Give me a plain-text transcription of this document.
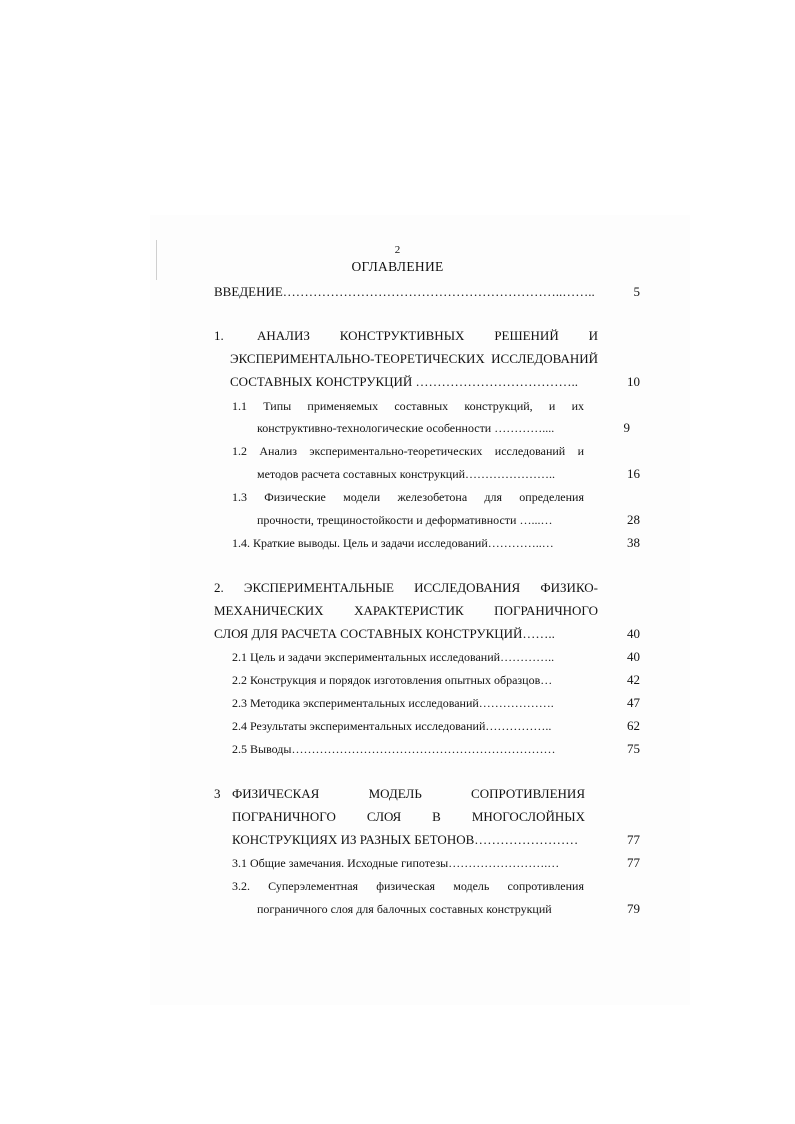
2
ОГЛАВЛЕНИЕ
ВВЕДЕНИЕ………………………………………………………..……..	5
1.	АНАЛИЗ КОНСТРУКТИВНЫХ РЕШЕНИЙ И
ЭКСПЕРИМЕНТАЛЬНО-ТЕОРЕТИЧЕСКИХ ИССЛЕДОВАНИЙ
СОСТАВНЫХ КОНСТРУКЦИЙ ………………………………..	10
1.1 Типы применяемых составных конструкций, и их
конструктивно-технологические особенности …………....	9
1.2 Анализ экспериментально-теоретических исследований и
методов расчета составных конструкций…………………..	16
1.3 Физические модели железобетона для определения
прочности, трещиностойкости и деформативности …...…	28
1.4. Краткие выводы. Цель и задачи исследований…………..…	38
2. ЭКСПЕРИМЕНТАЛЬНЫЕ ИССЛЕДОВАНИЯ ФИЗИКО-
МЕХАНИЧЕСКИХ ХАРАКТЕРИСТИК ПОГРАНИЧНОГО
СЛОЯ ДЛЯ РАСЧЕТА СОСТАВНЫХ КОНСТРУКЦИЙ……..	40
2.1 Цель и задачи экспериментальных исследований…………..	40
2.2 Конструкция и порядок изготовления опытных образцов…	42
2.3 Методика экспериментальных исследований……………….	47
2.4 Результаты экспериментальных исследований……………..	62
2.5 Выводы…………………………………………………………	75
3 ФИЗИЧЕСКАЯ МОДЕЛЬ СОПРОТИВЛЕНИЯ
ПОГРАНИЧНОГО СЛОЯ В МНОГОСЛОЙНЫХ
КОНСТРУКЦИЯХ ИЗ РАЗНЫХ БЕТОНОВ……………………	77
3.1 Общие замечания. Исходные гипотезы…………………….…	77
3.2. Суперэлементная физическая модель сопротивления
пограничного слоя для балочных составных конструкций	79
